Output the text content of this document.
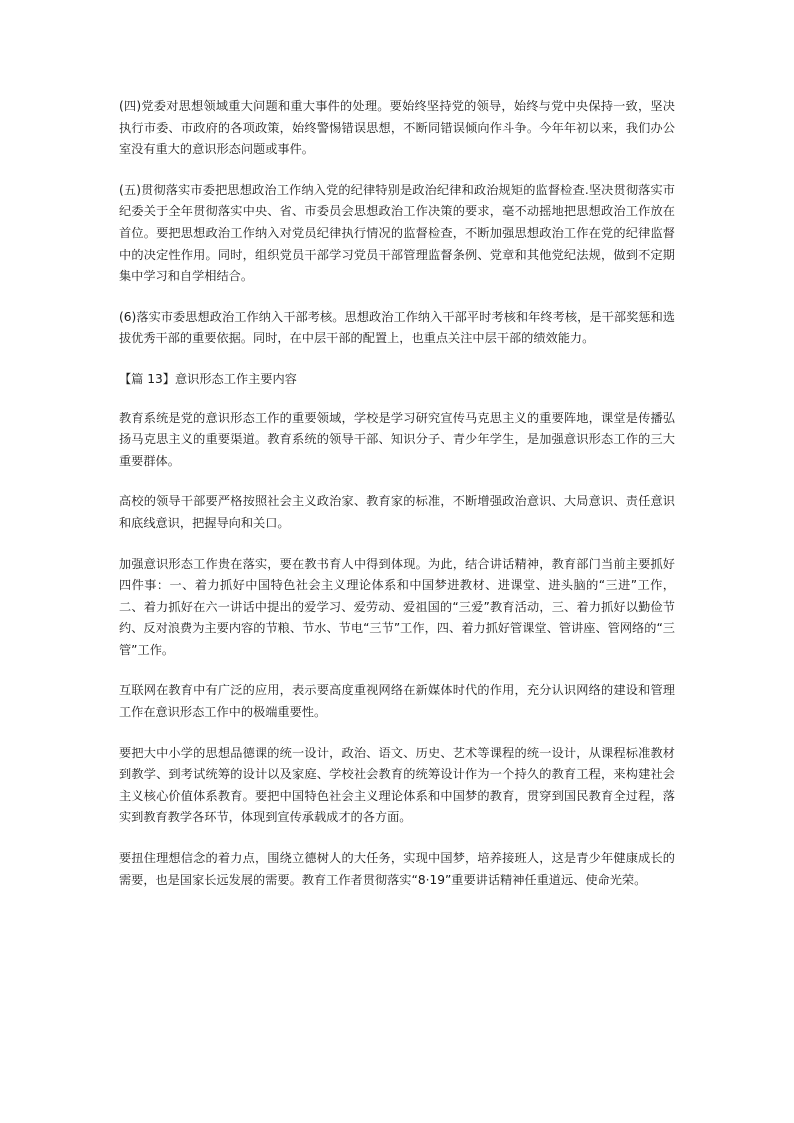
(四)党委对思想领域重大问题和重大事件的处理。要始终坚持党的领导，始终与党中央保持一致，坚决执行市委、市政府的各项政策，始终警惕错误思想，不断同错误倾向作斗争。今年年初以来，我们办公室没有重大的意识形态问题或事件。

(五)贯彻落实市委把思想政治工作纳入党的纪律特别是政治纪律和政治规矩的监督检查.坚决贯彻落实市纪委关于全年贯彻落实中央、省、市委员会思想政治工作决策的要求，毫不动摇地把思想政治工作放在首位。要把思想政治工作纳入对党员纪律执行情况的监督检查，不断加强思想政治工作在党的纪律监督中的决定性作用。同时，组织党员干部学习党员干部管理监督条例、党章和其他党纪法规，做到不定期集中学习和自学相结合。

(6)落实市委思想政治工作纳入干部考核。思想政治工作纳入干部平时考核和年终考核，是干部奖惩和选拔优秀干部的重要依据。同时，在中层干部的配置上，也重点关注中层干部的绩效能力。

【篇 13】意识形态工作主要内容

教育系统是党的意识形态工作的重要领域，学校是学习研究宣传马克思主义的重要阵地，课堂是传播弘扬马克思主义的重要渠道。教育系统的领导干部、知识分子、青少年学生，是加强意识形态工作的三大重要群体。

高校的领导干部要严格按照社会主义政治家、教育家的标准，不断增强政治意识、大局意识、责任意识和底线意识，把握导向和关口。

加强意识形态工作贵在落实，要在教书育人中得到体现。为此，结合讲话精神，教育部门当前主要抓好四件事：一、着力抓好中国特色社会主义理论体系和中国梦进教材、进课堂、进头脑的“三进”工作，二、着力抓好在六一讲话中提出的爱学习、爱劳动、爱祖国的“三爱”教育活动，三、着力抓好以勤俭节约、反对浪费为主要内容的节粮、节水、节电“三节”工作，四、着力抓好管课堂、管讲座、管网络的“三管”工作。

互联网在教育中有广泛的应用，表示要高度重视网络在新媒体时代的作用，充分认识网络的建设和管理工作在意识形态工作中的极端重要性。

要把大中小学的思想品德课的统一设计，政治、语文、历史、艺术等课程的统一设计，从课程标准教材到教学、到考试统筹的设计以及家庭、学校社会教育的统筹设计作为一个持久的教育工程，来构建社会主义核心价值体系教育。要把中国特色社会主义理论体系和中国梦的教育，贯穿到国民教育全过程，落实到教育教学各环节，体现到宣传承载成才的各方面。

要扭住理想信念的着力点，围绕立德树人的大任务，实现中国梦，培养接班人，这是青少年健康成长的需要，也是国家长远发展的需要。教育工作者贯彻落实“8·19”重要讲话精神任重道远、使命光荣。
